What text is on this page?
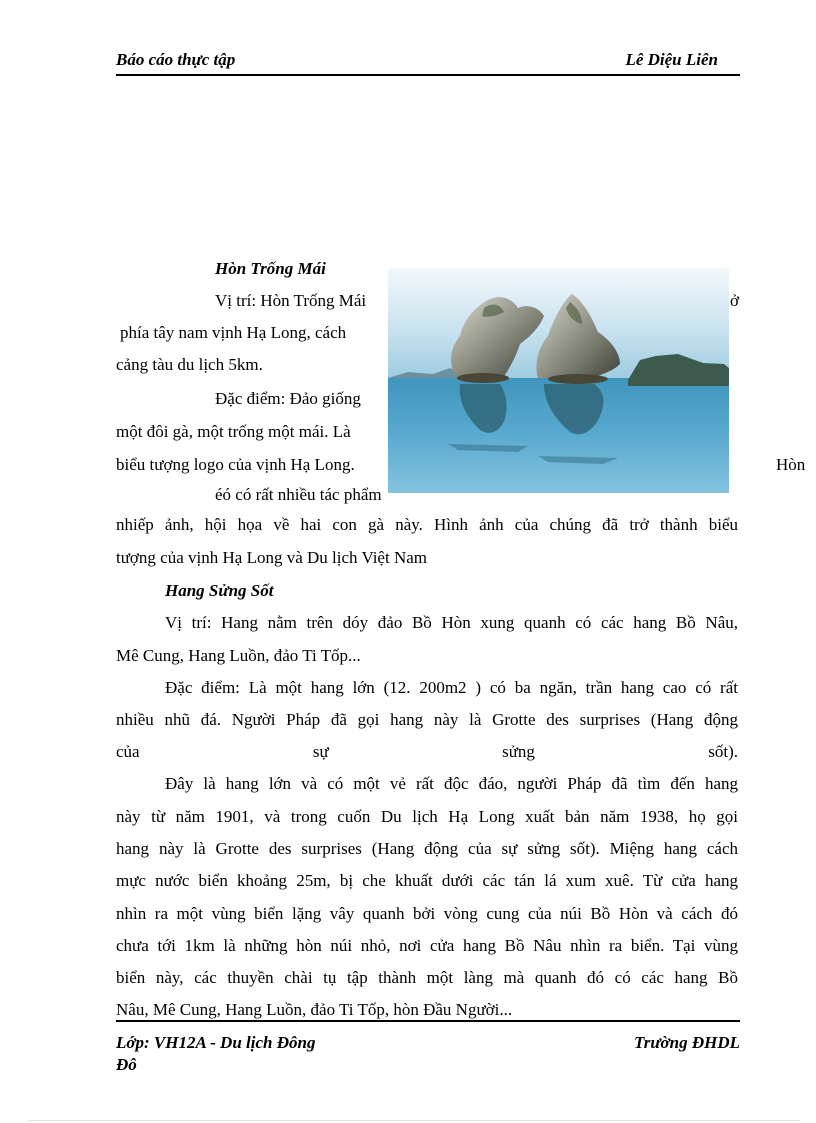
Báo cáo thực tập	Lê Diệu Liên
Hòn Trống Mái
Vị trí: Hòn Trống Mái	ở
phía tây nam vịnh Hạ Long, cách
cảng tàu du lịch 5km.
Đặc điểm: Đảo giống
một đôi gà, một trống một mái. Là
biểu tượng logo của vịnh Hạ Long.	Hòn
éó có rất nhiều tác phẩm
nhiếp ảnh, hội họa về hai con gà này. Hình ảnh của chúng đã trở thành biểu
tượng của vịnh Hạ Long và Du lịch Việt Nam
Hang Sửng Sốt
Vị trí: Hang nằm trên dóy đảo Bồ Hòn xung quanh có các hang Bồ Nâu,
Mê Cung, Hang Luồn, đảo Ti Tốp...
Đặc điểm: Là một hang lớn (12. 200m2 ) có ba ngăn, trần hang cao có rất
nhiều nhũ đá. Người Pháp đã gọi hang này là Grotte des surprises (Hang động
của sự sửng sốt).
Đây là hang lớn và có một vẻ rất độc đáo, người Pháp đã tìm đến hang
này từ năm 1901, và trong cuốn Du lịch Hạ Long xuất bản năm 1938, họ gọi
hang này là Grotte des surprises (Hang động của sự sửng sốt). Miệng hang cách
mực nước biển khoảng 25m, bị che khuất dưới các tán lá xum xuê. Từ cửa hang
nhìn ra một vùng biển lặng vây quanh bởi vòng cung của núi Bồ Hòn và cách đó
chưa tới 1km là những hòn núi nhỏ, nơi cửa hang Bồ Nâu nhìn ra biển. Tại vùng
biển này, các thuyền chài tụ tập thành một làng mà quanh đó có các hang Bồ
Nâu, Mê Cung, Hang Luồn, đảo Ti Tốp, hòn Đầu Người...
Lớp: VH12A - Du lịch Đông Đô
Trường ĐHDL
